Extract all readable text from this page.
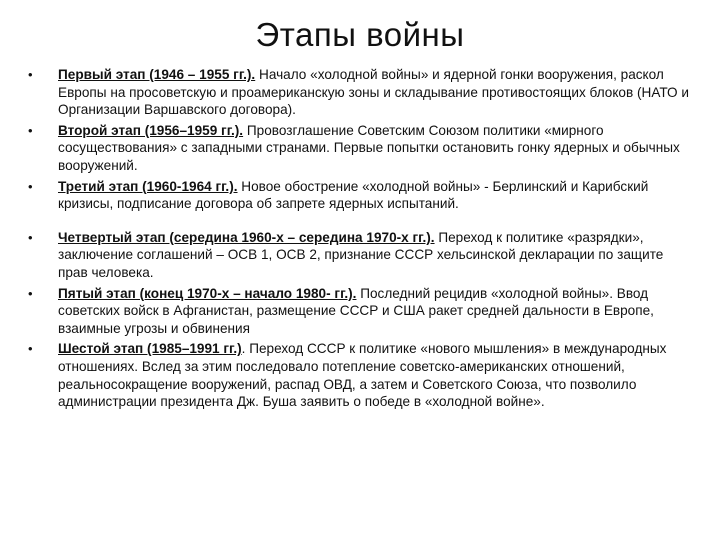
Этапы войны
• Первый этап (1946 – 1955 гг.). Начало «холодной войны» и ядерной гонки вооружения, раскол Европы на просоветскую и проамериканскую зоны и складывание противостоящих блоков (НАТО и Организации Варшавского договора).
• Второй этап (1956–1959 гг.). Провозглашение Советским Союзом политики «мирного сосуществования» с западными странами. Первые попытки остановить гонку ядерных и обычных вооружений.
• Третий этап (1960-1964 гг.). Новое обострение «холодной войны» - Берлинский и Карибский кризисы, подписание договора об запрете ядерных испытаний.
• Четвертый этап (середина 1960-х – середина 1970-х гг.). Переход к политике «разрядки», заключение соглашений – ОСВ 1, ОСВ 2, признание СССР хельсинской декларации по защите прав человека.
• Пятый этап (конец 1970-х – начало 1980- гг.). Последний рецидив «холодной войны». Ввод советских войск в Афганистан, размещение СССР и США ракет средней дальности в Европе, взаимные угрозы и обвинения
• Шестой этап (1985–1991 гг.). Переход СССР к политике «нового мышления» в международных отношениях. Вслед за этим последовало потепление советско-американских отношений, реальносокращение вооружений, распад ОВД, а затем и Советского Союза, что позволило администрации президента Дж. Буша заявить о победе в «холодной войне».
